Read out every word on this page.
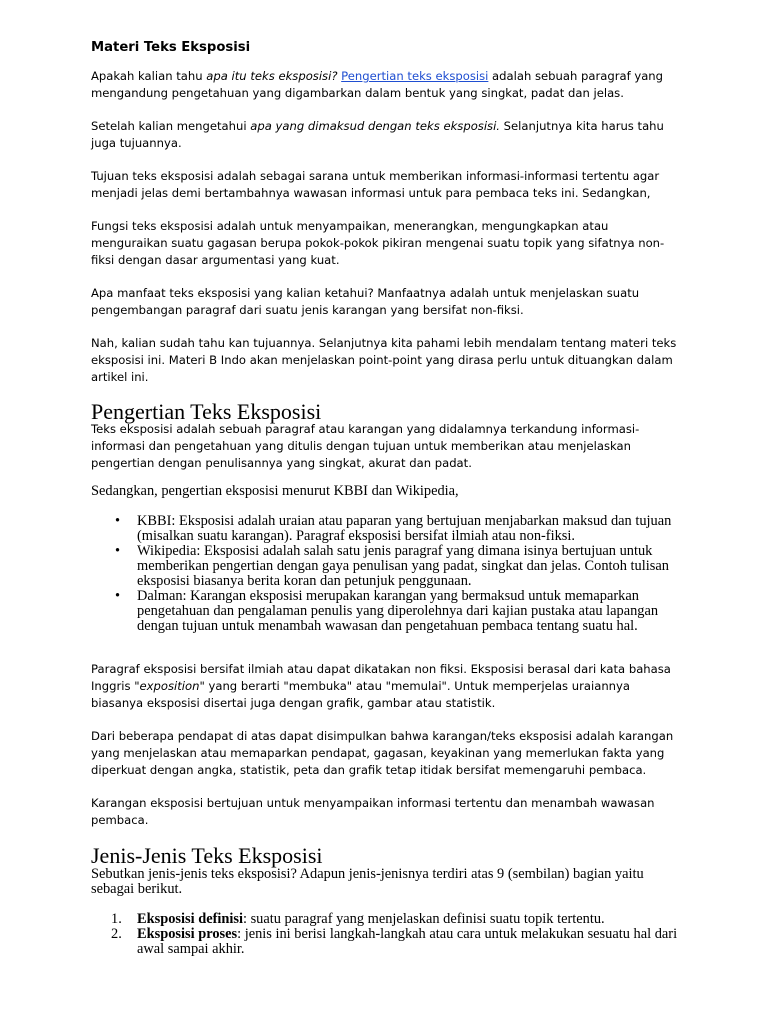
Materi Teks Eksposisi

Apakah kalian tahu apa itu teks eksposisi? Pengertian teks eksposisi adalah sebuah paragraf yang mengandung pengetahuan yang digambarkan dalam bentuk yang singkat, padat dan jelas.

Setelah kalian mengetahui apa yang dimaksud dengan teks eksposisi. Selanjutnya kita harus tahu juga tujuannya.

Tujuan teks eksposisi adalah sebagai sarana untuk memberikan informasi-informasi tertentu agar menjadi jelas demi bertambahnya wawasan informasi untuk para pembaca teks ini. Sedangkan,

Fungsi teks eksposisi adalah untuk menyampaikan, menerangkan, mengungkapkan atau menguraikan suatu gagasan berupa pokok-pokok pikiran mengenai suatu topik yang sifatnya non-fiksi dengan dasar argumentasi yang kuat.

Apa manfaat teks eksposisi yang kalian ketahui? Manfaatnya adalah untuk menjelaskan suatu pengembangan paragraf dari suatu jenis karangan yang bersifat non-fiksi.

Nah, kalian sudah tahu kan tujuannya. Selanjutnya kita pahami lebih mendalam tentang materi teks eksposisi ini. Materi B Indo akan menjelaskan point-point yang dirasa perlu untuk dituangkan dalam artikel ini.

Pengertian Teks Eksposisi

Teks eksposisi adalah sebuah paragraf atau karangan yang didalamnya terkandung informasi-informasi dan pengetahuan yang ditulis dengan tujuan untuk memberikan atau menjelaskan pengertian dengan penulisannya yang singkat, akurat dan padat.

Sedangkan, pengertian eksposisi menurut KBBI dan Wikipedia,

• KBBI: Eksposisi adalah uraian atau paparan yang bertujuan menjabarkan maksud dan tujuan (misalkan suatu karangan). Paragraf eksposisi bersifat ilmiah atau non-fiksi.
• Wikipedia: Eksposisi adalah salah satu jenis paragraf yang dimana isinya bertujuan untuk memberikan pengertian dengan gaya penulisan yang padat, singkat dan jelas. Contoh tulisan eksposisi biasanya berita koran dan petunjuk penggunaan.
• Dalman: Karangan eksposisi merupakan karangan yang bermaksud untuk memaparkan pengetahuan dan pengalaman penulis yang diperolehnya dari kajian pustaka atau lapangan dengan tujuan untuk menambah wawasan dan pengetahuan pembaca tentang suatu hal.

Paragraf eksposisi bersifat ilmiah atau dapat dikatakan non fiksi. Eksposisi berasal dari kata bahasa Inggris "exposition" yang berarti "membuka" atau "memulai". Untuk memperjelas uraiannya biasanya eksposisi disertai juga dengan grafik, gambar atau statistik.

Dari beberapa pendapat di atas dapat disimpulkan bahwa karangan/teks eksposisi adalah karangan yang menjelaskan atau memaparkan pendapat, gagasan, keyakinan yang memerlukan fakta yang diperkuat dengan angka, statistik, peta dan grafik tetap itidak bersifat memengaruhi pembaca.

Karangan eksposisi bertujuan untuk menyampaikan informasi tertentu dan menambah wawasan pembaca.

Jenis-Jenis Teks Eksposisi

Sebutkan jenis-jenis teks eksposisi? Adapun jenis-jenisnya terdiri atas 9 (sembilan) bagian yaitu sebagai berikut.

1. Eksposisi definisi: suatu paragraf yang menjelaskan definisi suatu topik tertentu.
2. Eksposisi proses: jenis ini berisi langkah-langkah atau cara untuk melakukan sesuatu hal dari awal sampai akhir.
